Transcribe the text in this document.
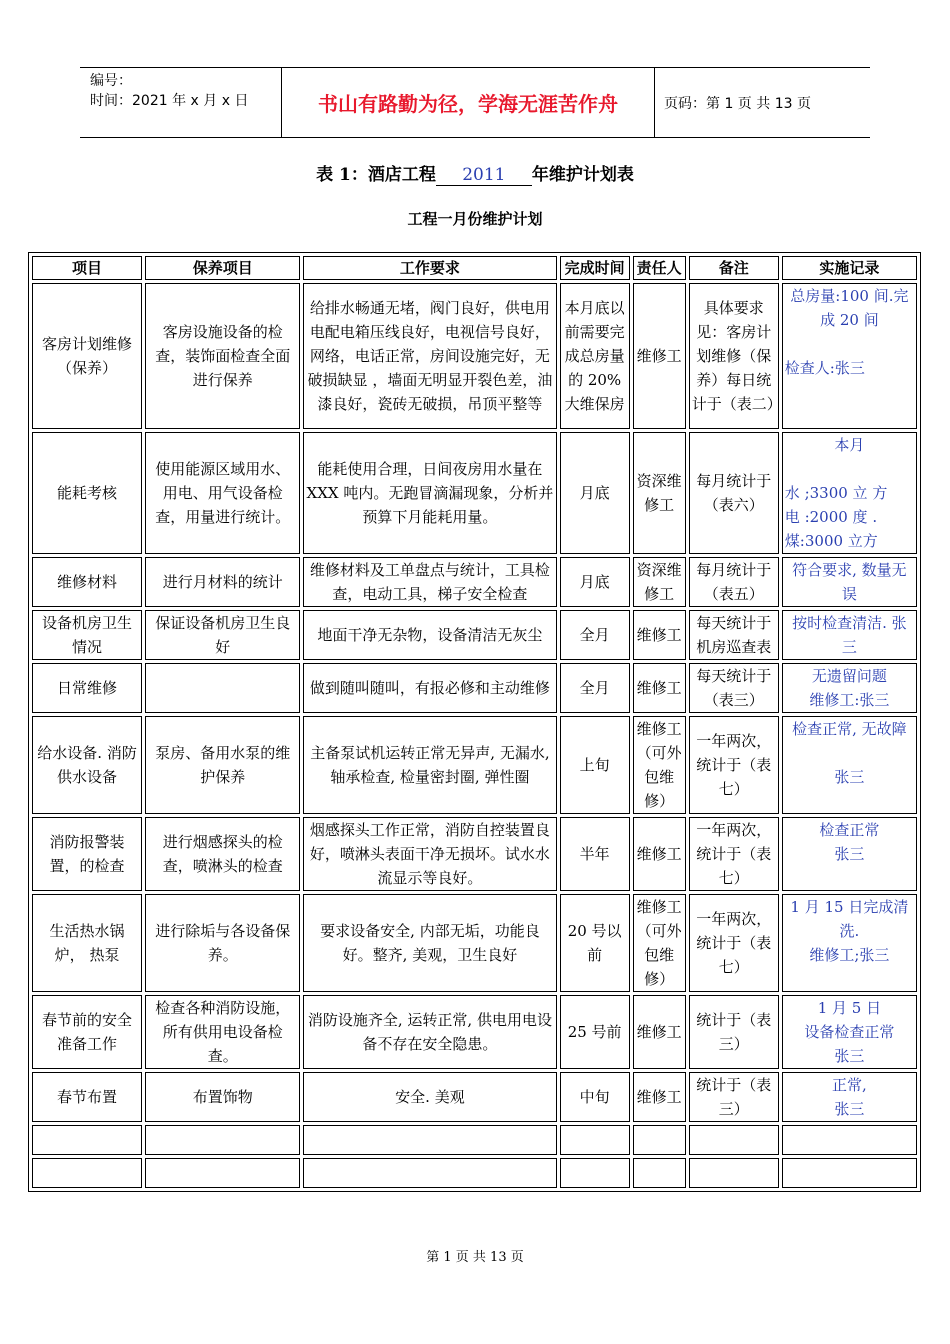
编号：
时间：2021 年 x 月 x 日	书山有路勤为径，学海无涯苦作舟	页码：第 1 页 共 13 页
表 1：酒店工程 2011 年维护计划表
工程一月份维护计划
项目	保养项目	工作要求	完成时间	责任人	备注	实施记录
客房计划维修（保养）	客房设施设备的检查，装饰面检查全面进行保养	给排水畅通无堵，阀门良好，供电用电配电箱压线良好，电视信号良好，网络，电话正常，房间设施完好，无破损缺显 ，墙面无明显开裂色差，油漆良好，瓷砖无破损，吊顶平整等	本月底以前需要完成总房量的 20%大维保房	维修工	具体要求见：客房计划维修（保养）每日统计于（表二）	总房量:100 间.完成 20 间
检查人:张三

能耗考核	使用能源区域用水、用电、用气设备检查，用量进行统计。	能耗使用合理，日间夜房用水量在 XXX 吨内。无跑冒滴漏现象，分析并预算下月能耗用量。	月底	资深维修工	每月统计于（表六）	本月
水 ;3300 立 方
电 :2000 度 .
煤:3000 立方

维修材料	进行月材料的统计	维修材料及工单盘点与统计，工具检查，电动工具，梯子安全检查	月底	资深维修工	每月统计于（表五）	符合要求, 数量无误
设备机房卫生情况	保证设备机房卫生良好	地面干净无杂物，设备清洁无灰尘	全月	维修工	每天统计于机房巡查表	按时检查清洁. 张三
日常维修		做到随叫随叫，有报必修和主动维修	全月	维修工	每天统计于（表三）	无遗留问题
维修工:张三

给水设备. 消防供水设备	泵房、备用水泵的维护保养	主备泵试机运转正常无异声, 无漏水, 轴承检查, 检量密封圈, 弹性圈	上旬	维修工（可外包维修）	一年两次，统计于（表七）	检查正常, 无故障
张三

消防报警装置，的检查	进行烟感探头的检查，喷淋头的检查	烟感探头工作正常，消防自控装置良好，喷淋头表面干净无损坏。试水水流显示等良好。	半年	维修工	一年两次，统计于（表七）	检查正常
张三

生活热水锅炉， 热泵	进行除垢与各设备保养。	要求设备安全, 内部无垢，功能良好。整齐, 美观，卫生良好	20 号以前	维修工（可外包维修）	一年两次，统计于（表七）	1 月 15 日完成清洗.
维修工;张三

春节前的安全准备工作	检查各种消防设施，所有供用电设备检查。	消防设施齐全, 运转正常, 供电用电设备不存在安全隐患。	25 号前	维修工	统计于（表三）	1 月 5 日
设备检查正常
张三

春节布置	布置饰物	安全. 美观	中旬	维修工	统计于（表三）	正常,
张三

第 1 页 共 13 页
